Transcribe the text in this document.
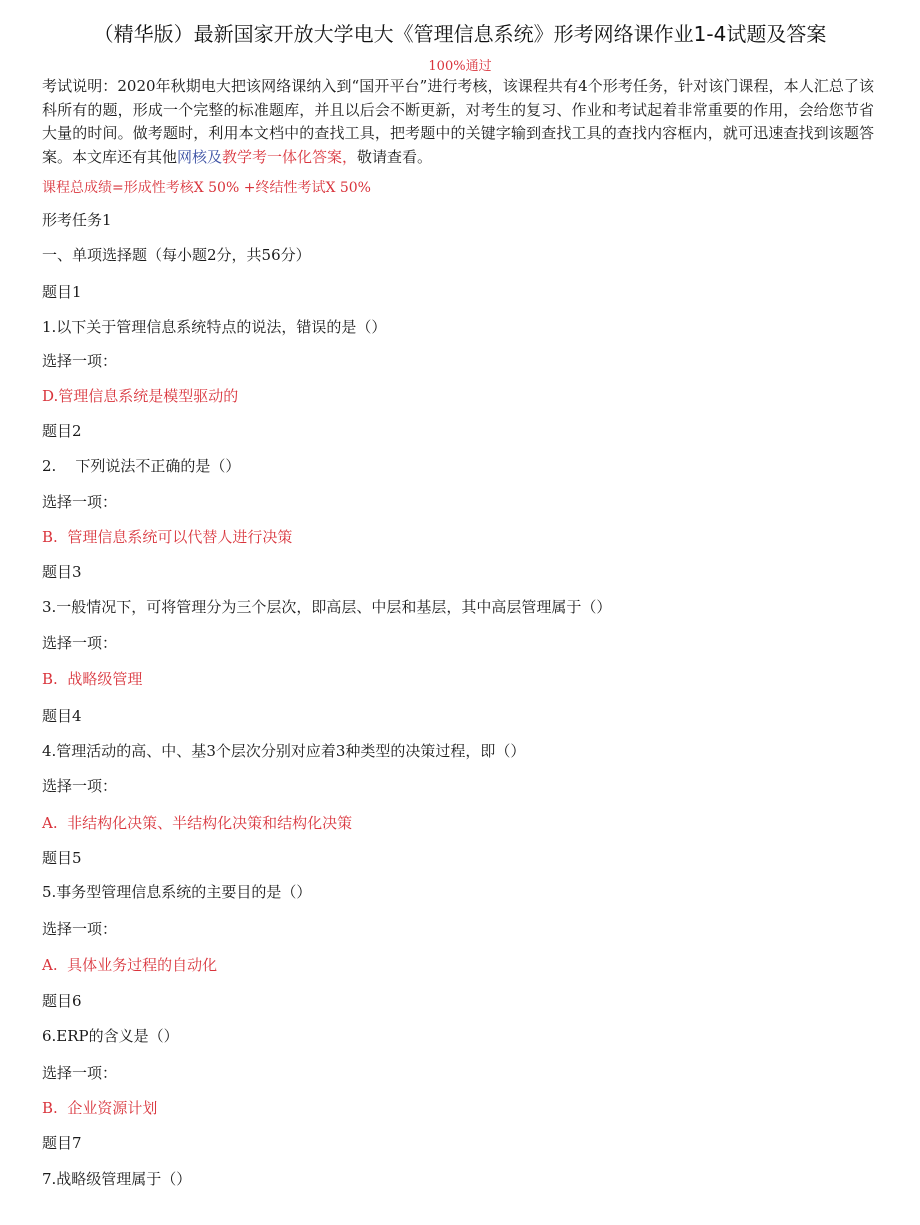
（精华版）最新国家开放大学电大《管理信息系统》形考网络课作业1-4试题及答案
100%通过
考试说明：2020年秋期电大把该网络课纳入到“国开平台”进行考核，该课程共有4个形考任务，针对该门课程，本人汇总了该科所有的题，形成一个完整的标准题库，并且以后会不断更新，对考生的复习、作业和考试起着非常重要的作用，会给您节省大量的时间。做考题时，利用本文档中的查找工具，把考题中的关键字输到查找工具的查找内容框内，就可迅速查找到该题答案。本文库还有其他网核及教学考一体化答案，敬请查看。
课程总成绩=形成性考核X 50% +终结性考试X 50%
形考任务1
一、单项选择题（每小题2分，共56分）
题目1
1.以下关于管理信息系统特点的说法，错误的是（）
选择一项：
D.管理信息系统是模型驱动的
题目2
2.    下列说法不正确的是（）
选择一项：
B.  管理信息系统可以代替人进行决策
题目3
3.一般情况下，可将管理分为三个层次，即高层、中层和基层，其中高层管理属于（）
选择一项：
B.  战略级管理
题目4
4.管理活动的高、中、基3个层次分别对应着3种类型的决策过程，即（）
选择一项：
A.  非结构化决策、半结构化决策和结构化决策
题目5
5.事务型管理信息系统的主要目的是（）
选择一项：
A.  具体业务过程的自动化
题目6
6.ERP的含义是（）
选择一项：
B.  企业资源计划
题目7
7.战略级管理属于（）
